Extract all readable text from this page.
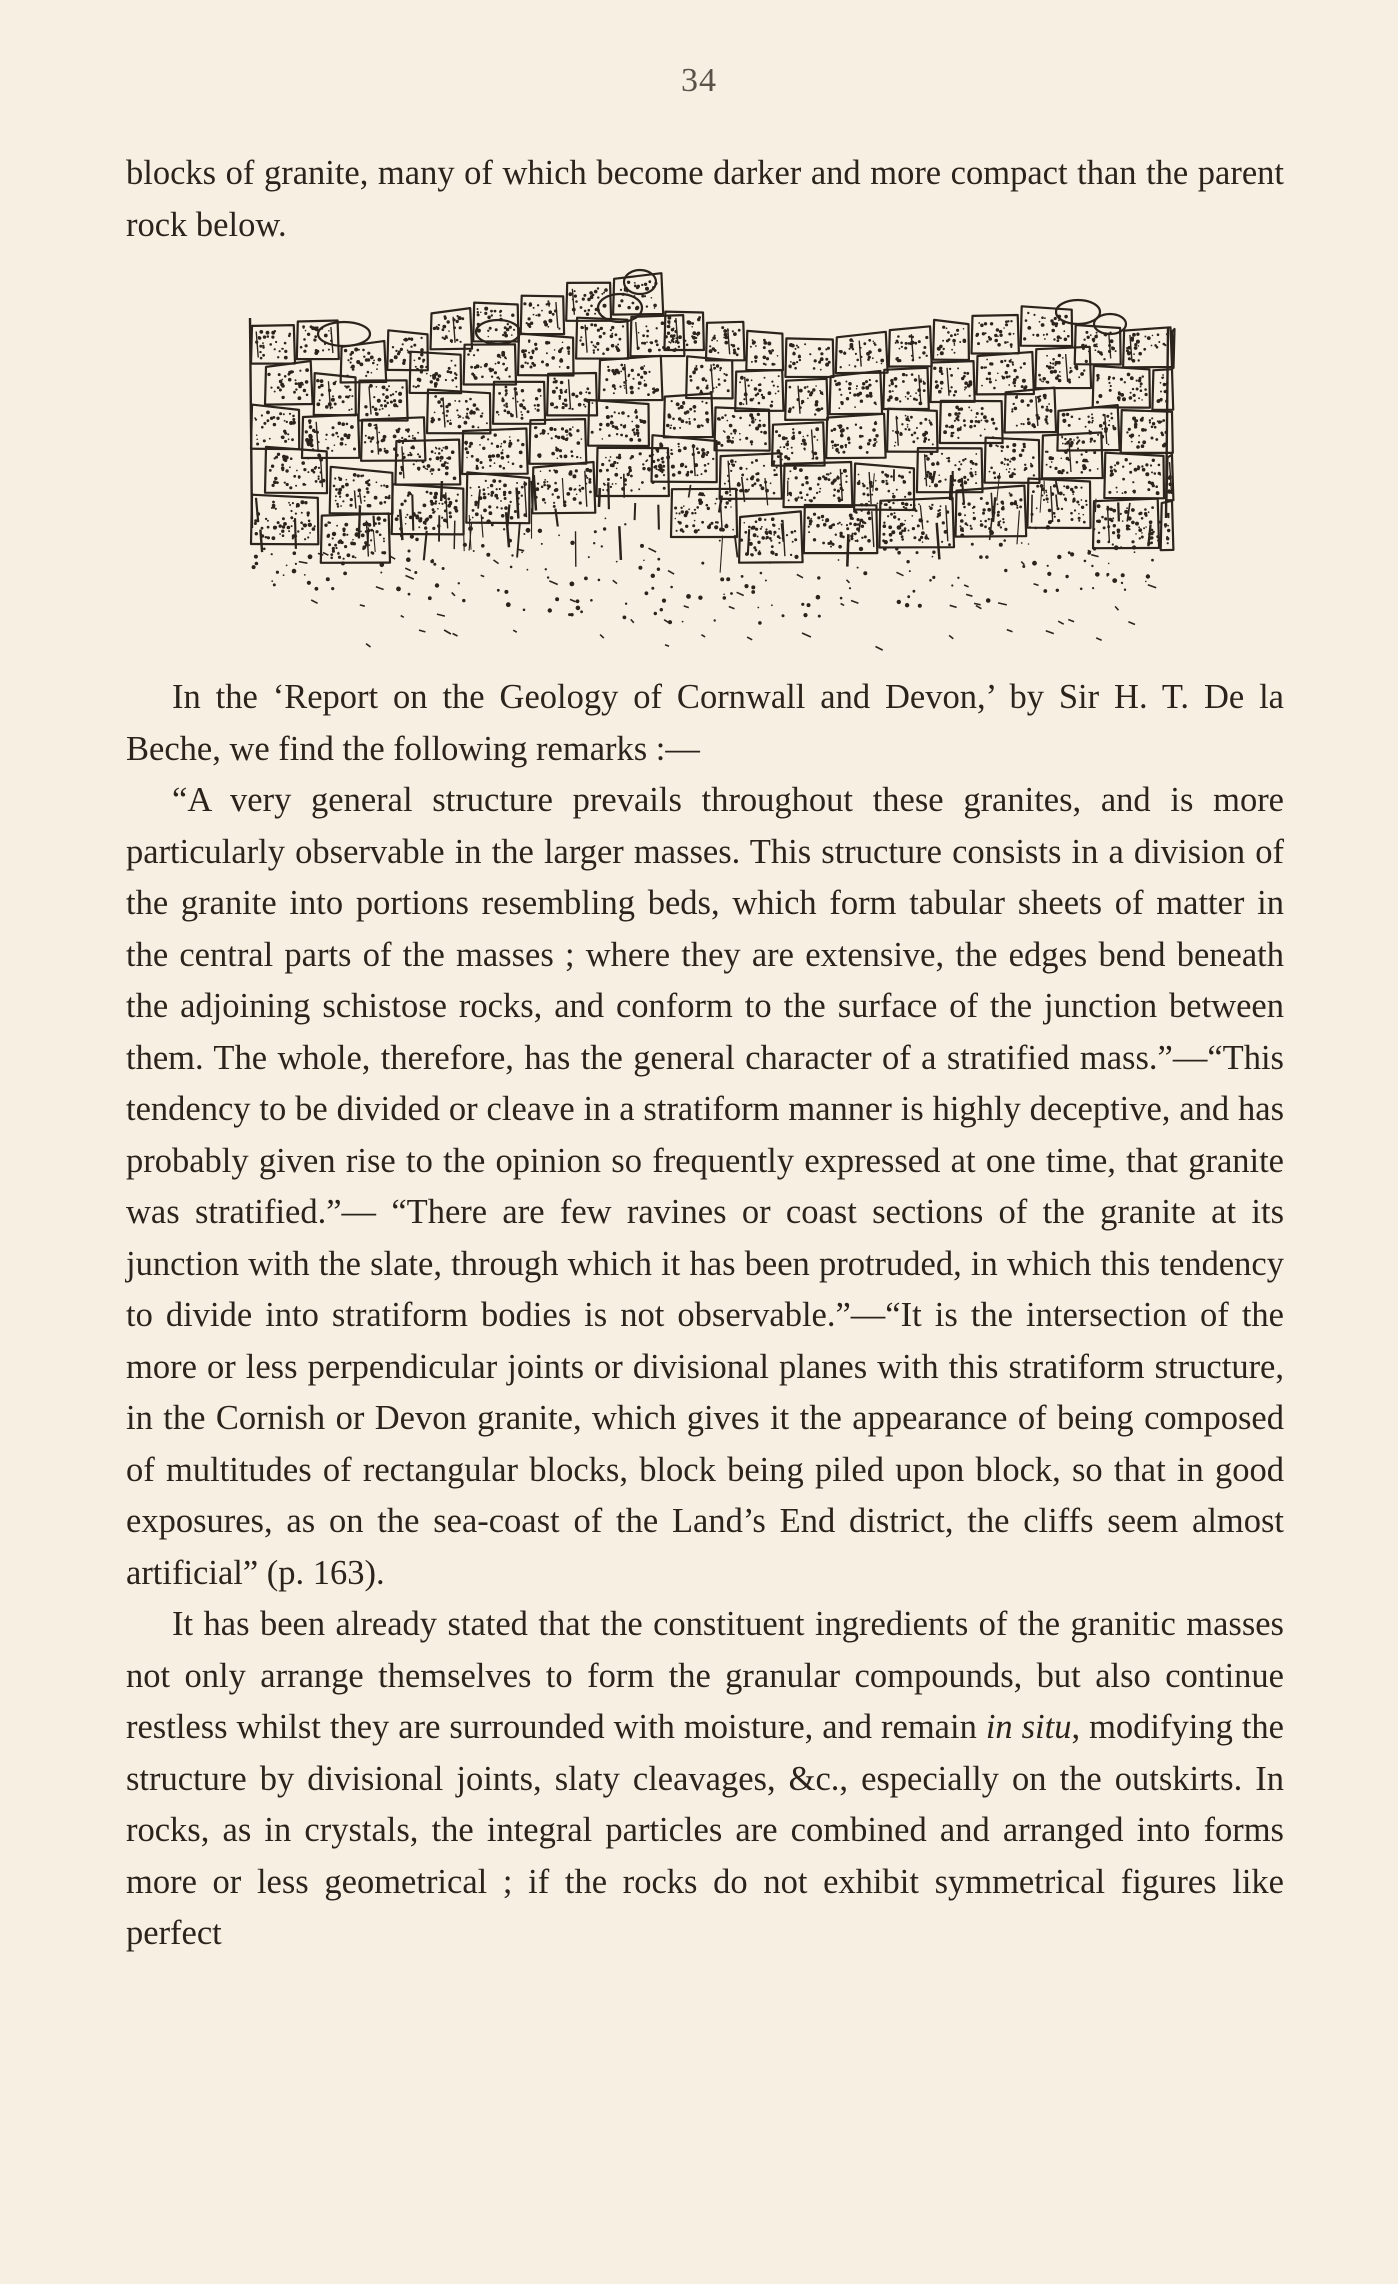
34

blocks of granite, many of which become darker and more compact than the parent rock below.

In the ‘Report on the Geology of Cornwall and Devon,’ by Sir H. T. De la Beche, we find the following remarks :—

“A very general structure prevails throughout these granites, and is more particularly observable in the larger masses. This structure consists in a division of the granite into portions resembling beds, which form tabular sheets of matter in the central parts of the masses ; where they are extensive, the edges bend beneath the adjoining schistose rocks, and conform to the surface of the junction between them. The whole, therefore, has the general character of a stratified mass.”—“This tendency to be divided or cleave in a stratiform manner is highly deceptive, and has probably given rise to the opinion so frequently expressed at one time, that granite was stratified.”— “There are few ravines or coast sections of the granite at its junction with the slate, through which it has been protruded, in which this tendency to divide into stratiform bodies is not observable.”—“It is the intersection of the more or less perpendicular joints or divisional planes with this stratiform structure, in the Cornish or Devon granite, which gives it the appearance of being composed of multitudes of rectangular blocks, block being piled upon block, so that in good exposures, as on the sea-coast of the Land’s End district, the cliffs seem almost artificial” (p. 163).

It has been already stated that the constituent ingredients of the granitic masses not only arrange themselves to form the granular compounds, but also continue restless whilst they are surrounded with moisture, and remain in situ, modifying the structure by divisional joints, slaty cleavages, &c., especially on the outskirts. In rocks, as in crystals, the integral particles are combined and arranged into forms more or less geometrical ; if the rocks do not exhibit symmetrical figures like perfect
